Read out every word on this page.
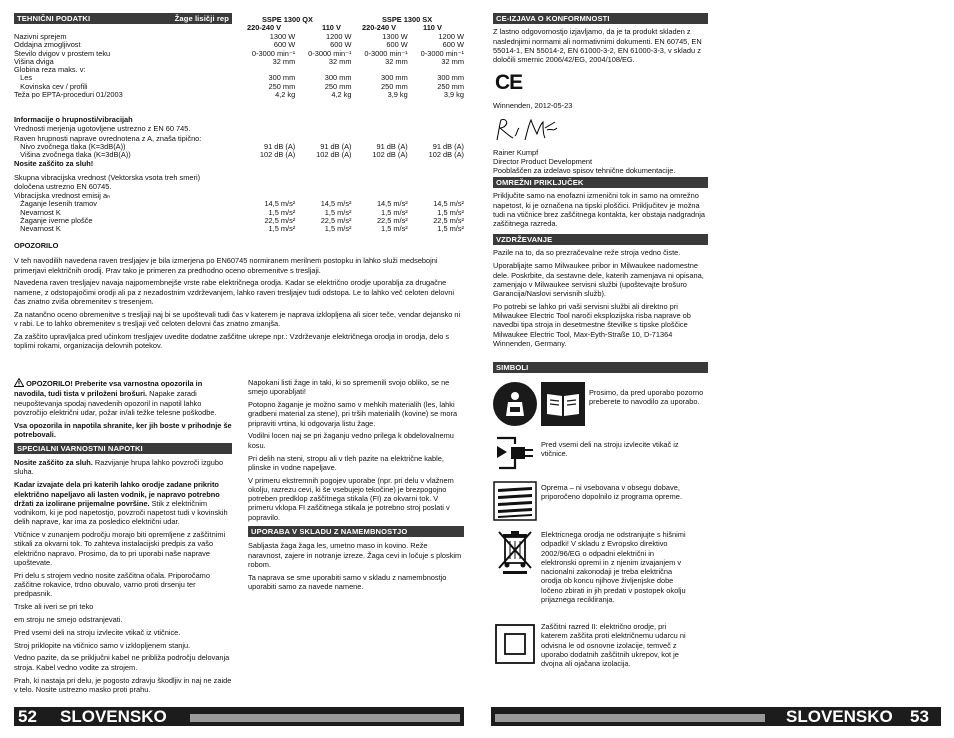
TEHNIČNI PODATKI	Žage lisičji rep	SSPE 1300 QX	SSPE 1300 SX
220-240 V	110 V	220-240 V	110 V
Nazivni sprejem	1300 W	1200 W	1300 W	1200 W
Oddajna zmogljivost	600 W	600 W	600 W	600 W
Število dvigov v prostem teku	0-3000 min⁻¹	0-3000 min⁻¹	0-3000 min⁻¹	0-3000 min⁻¹
Višina dviga	32 mm	32 mm	32 mm	32 mm
Globina reza maks. v:
Les	300 mm	300 mm	300 mm	300 mm
Kovinska cev / profili	250 mm	250 mm	250 mm	250 mm
Teža po EPTA-proceduri 01/2003	4,2 kg	4,2 kg	3,9 kg	3,9 kg
Informacije o hrupnosti/vibracijah
Vrednosti merjenja ugotovljene ustrezno z EN 60 745.
Raven hrupnosti naprave ovrednotena z A, znaša tipično:
Nivo zvočnega tlaka (K=3dB(A))	91 dB (A)	91 dB (A)	91 dB (A)	91 dB (A)
Višina zvočnega tlaka (K=3dB(A))	102 dB (A)	102 dB (A)	102 dB (A)	102 dB (A)
Nosite zaščito za sluh!
Skupna vibracijska vrednost (Vektorska vsota treh smeri)
določena ustrezno EN 60745.
Vibracijska vrednost emisij aₕ
Žaganje lesenih tramov	14,5 m/s²	14,5 m/s²	14,5 m/s²	14,5 m/s²
Nevarnost K	1,5 m/s²	1,5 m/s²	1,5 m/s²	1,5 m/s²
Žaganje iverne plošče	22,5 m/s²	22,5 m/s²	22,5 m/s²	22,5 m/s²
Nevarnost K	1,5 m/s²	1,5 m/s²	1,5 m/s²	1,5 m/s²
OPOZORILO

V teh navodilih navedena raven tresljajev je bila izmerjena po EN60745 normiranem merilnem postopku in lahko služi medsebojni primerjavi električnih orodij. Prav tako je primeren za predhodno oceno obremenitve s tresljaji.

Navedena raven tresljajev navaja najpomembnejše vrste rabe električnega orodja. Kadar se električno orodje uporablja za drugačne namene, z odstopajočimi orodji ali pa z nezadostnim vzdrževanjem, lahko raven tresljajev tudi odstopa. Le to lahko več celoten delovni čas znatno zviša obremenitev s tresenjem.

Za natančno oceno obremenitve s tresljaji naj bi se upoštevali tudi čas v katerem je naprava izklopljena ali sicer teče, vendar dejansko ni v rabi. Le to lahko obremenitev s tresljaji več celoten delovni čas znatno zmanjša.

Za zaščito upravljalca pred učinkom tresljajev uvedite dodatne zaščitne ukrepe npr.: Vzdrževanje električnega orodja in orodja, delo s toplimi rokami, organizacija delovnih potekov.

OPOZORILO! Preberite vsa varnostna opozorila in navodila, tudi tista v priloženi brošuri. Napake zaradi neupoštevanja spodaj navedenih opozoril in napotil lahko povzročijo električni udar, požar in/ali težke telesne poškodbe.

Vsa opozorila in napotila shranite, ker jih boste v prihodnje še potrebovali.

SPECIALNI VARNOSTNI NAPOTKI

Nosite zaščito za sluh. Razvijanje hrupa lahko povzroči izgubo sluha.

Kadar izvajate dela pri katerih lahko orodje zadane prikrito električno napeljavo ali lasten vodnik, je napravo potrebno držati za izolirane prijemalne površine. Stik z električnim vodnikom, ki je pod napetostjo, povzroči napetost tudi v kovinskih delih naprave, kar ima za posledico električni udar.

Vtičnice v zunanjem področju morajo biti opremljene z zaščitnimi stikali za okvarni tok. To zahteva instalacijski predpis za vašo električno napravo. Prosimo, da to pri uporabi naše naprave upoštevate.

Pri delu s strojem vedno nosite zaščitna očala. Priporočamo zaščitne rokavice, trdno obuvalo, varno proti drsenju ter predpasnik.

Trske ali iveri se pri teko

em stroju ne smejo odstranjevati.

Pred vsemi deli na stroju izvlecite vtikač iz vtičnice.

Stroj priklopite na vtičnico samo v izklopljenem stanju.

Vedno pazite, da se priključni kabel ne približa področju delovanja stroja. Kabel vedno vodite za strojem.

Prah, ki nastaja pri delu, je pogosto zdravju škodljiv in naj ne zaide v telo. Nosite ustrezno masko proti prahu.

Napokani listi žage in taki, ki so spremenili svojo obliko, se ne smejo uporabljati!

Potopno žaganje je možno samo v mehkih materialih (les, lahki gradbeni material za stene), pri trših materialih (kovine) se mora pripraviti vrtina, ki odgovarja listu žage.

Vodilni locen naj se pri žaganju vedno prilega k obdelovalnemu kosu.

Pri delih na steni, stropu ali v tleh pazite na električne kable, plinske in vodne napeljave.

V primeru ekstremnih pogojev uporabe (npr. pri delu v vlažnem okolju, razrezu cevi, ki še vsebujejo tekočine) je brezpogojno potreben predklop zaščitnega stikala (FI) za okvarni tok. V primeru vklopa FI zaščitnega stikala je potrebno stroj poslati v popravilo.

UPORABA V SKLADU Z NAMEMBNOSTJO

Sabljasta žaga žaga les, umetno maso in kovino. Reže naravnost, zajere in notranje izreze. Žaga cevi in ločuje s ploskim robom.

Ta naprava se sme uporabiti samo v skladu z namembnostjo uporabiti samo za navede namene.

52 SLOVENSKO
CE-IZJAVA O KONFORMNOSTI

Z lastno odgovornostjo izjavljamo, da je ta produkt skladen z naslednjimi normami ali normativnimi dokumenti. EN 60745, EN 55014-1, EN 55014-2, EN 61000-3-2, EN 61000-3-3, v skladu z določili smernic 2006/42/EG, 2004/108/EG.

CE
Winnenden, 2012-05-23
Rainer Kumpf
Director Product Development
Pooblaščen za izdelavo spisov tehnične dokumentacije.
OMREŽNI PRIKLJUČEK

Priključite samo na enofazni izmenični tok in samo na omrežno napetost, ki je označena na tipski ploščici. Priključitev je možna tudi na vtičnice brez zaščitnega kontakta, ker obstaja nadgradnja zaščitnega razreda.

VZDRŽEVANJE

Pazile na to, da so prezračevalne reže stroja vedno čiste.

Uporabljajte samo Milwaukee pribor in Milwaukee nadomestne dele. Poskrbite, da sestavne dele, katerih zamenjava ni opisana, zamenjajo v Milwaukee servisni službi (upoštevajte brošuro Garancija/Naslovi servisnih služb).

Po potrebi se lahko pri vaši servisni službi ali direktno pri Milwaukee Electric Tool naroči eksplozijska risba naprave ob navedbi tipa stroja in desetmestne številke s tipske ploščice Milwaukee Electric Tool, Max-Eyth-Straße 10, D-71364 Winnenden, Germany.

SIMBOLI
Prosimo, da pred uporabo pozorno preberete to navodilo za uporabo.
Pred vsemi deli na stroju izvlecite vtikač iz vtičnice.
Oprema – ni vsebovana v obsegu dobave, priporočeno dopolnilo iz programa opreme.
Elektricnega orodja ne odstranjujte s hišnimi odpadki! V skladu z Evropsko direktivo 2002/96/EG o odpadni električni in elektronski opremi in z njenim izvajanjem v nacionalni zakonodaji je treba električna orodja ob koncu njihove življenjske dobe ločeno zbirati in jih predati v postopek okolju prijaznega recikliranja.
Zaščitni razred II: električno orodje, pri katerem zaščita proti električnemu udarcu ni odvisna le od osnovne izolacije, temveč z uporabo dodatnih zaščitnih ukrepov, kot je dvojna ali ojačana izolacija.
SLOVENSKO 53
